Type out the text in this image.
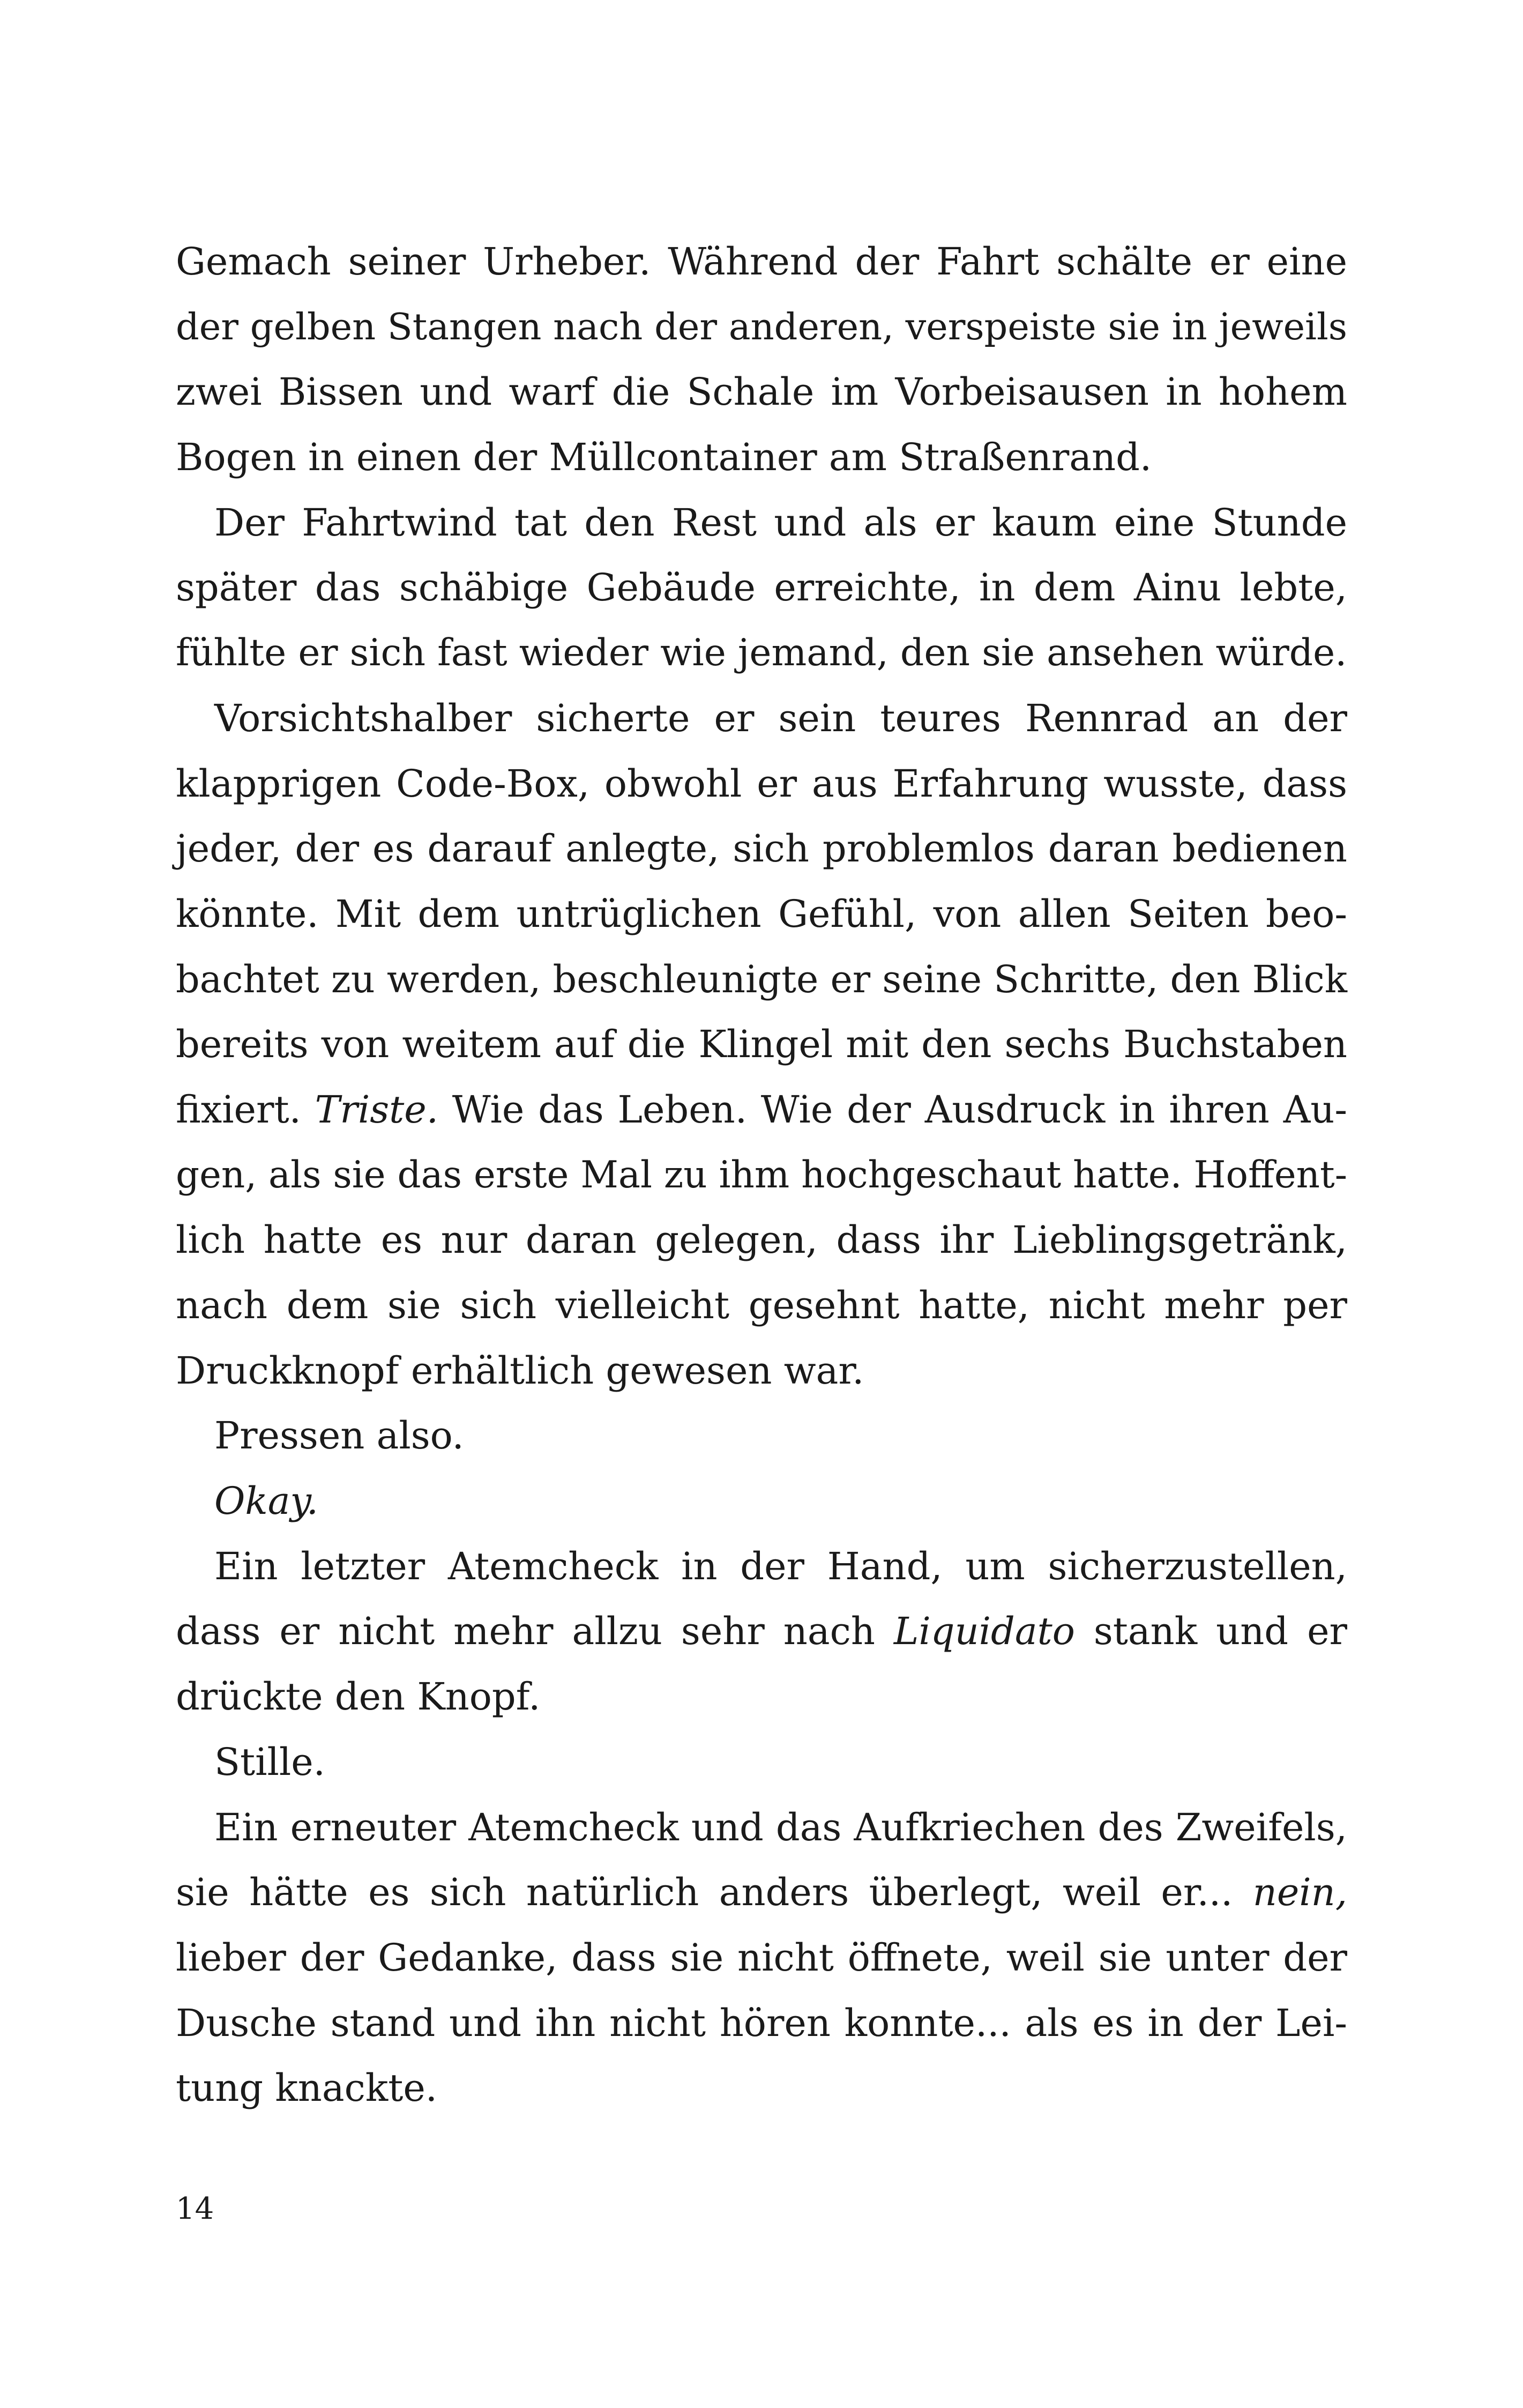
Gemach seiner Urheber. Während der Fahrt schälte er eine
der gelben Stangen nach der anderen, verspeiste sie in jeweils
zwei Bissen und warf die Schale im Vorbeisausen in hohem
Bogen in einen der Müllcontainer am Straßenrand.
Der Fahrtwind tat den Rest und als er kaum eine Stunde
später das schäbige Gebäude erreichte, in dem Ainu lebte,
fühlte er sich fast wieder wie jemand, den sie ansehen würde.
Vorsichtshalber sicherte er sein teures Rennrad an der
klapprigen Code-Box, obwohl er aus Erfahrung wusste, dass
jeder, der es darauf anlegte, sich problemlos daran bedienen
könnte. Mit dem untrüglichen Gefühl, von allen Seiten beo-
bachtet zu werden, beschleunigte er seine Schritte, den Blick
bereits von weitem auf die Klingel mit den sechs Buchstaben
fixiert. Triste. Wie das Leben. Wie der Ausdruck in ihren Au-
gen, als sie das erste Mal zu ihm hochgeschaut hatte. Hoffent-
lich hatte es nur daran gelegen, dass ihr Lieblingsgetränk,
nach dem sie sich vielleicht gesehnt hatte, nicht mehr per
Druckknopf erhältlich gewesen war.
Pressen also.
Okay.
Ein letzter Atemcheck in der Hand, um sicherzustellen,
dass er nicht mehr allzu sehr nach Liquidato stank und er
drückte den Knopf.
Stille.
Ein erneuter Atemcheck und das Aufkriechen des Zweifels,
sie hätte es sich natürlich anders überlegt, weil er... nein,
lieber der Gedanke, dass sie nicht öffnete, weil sie unter der
Dusche stand und ihn nicht hören konnte... als es in der Lei-
tung knackte.
14
